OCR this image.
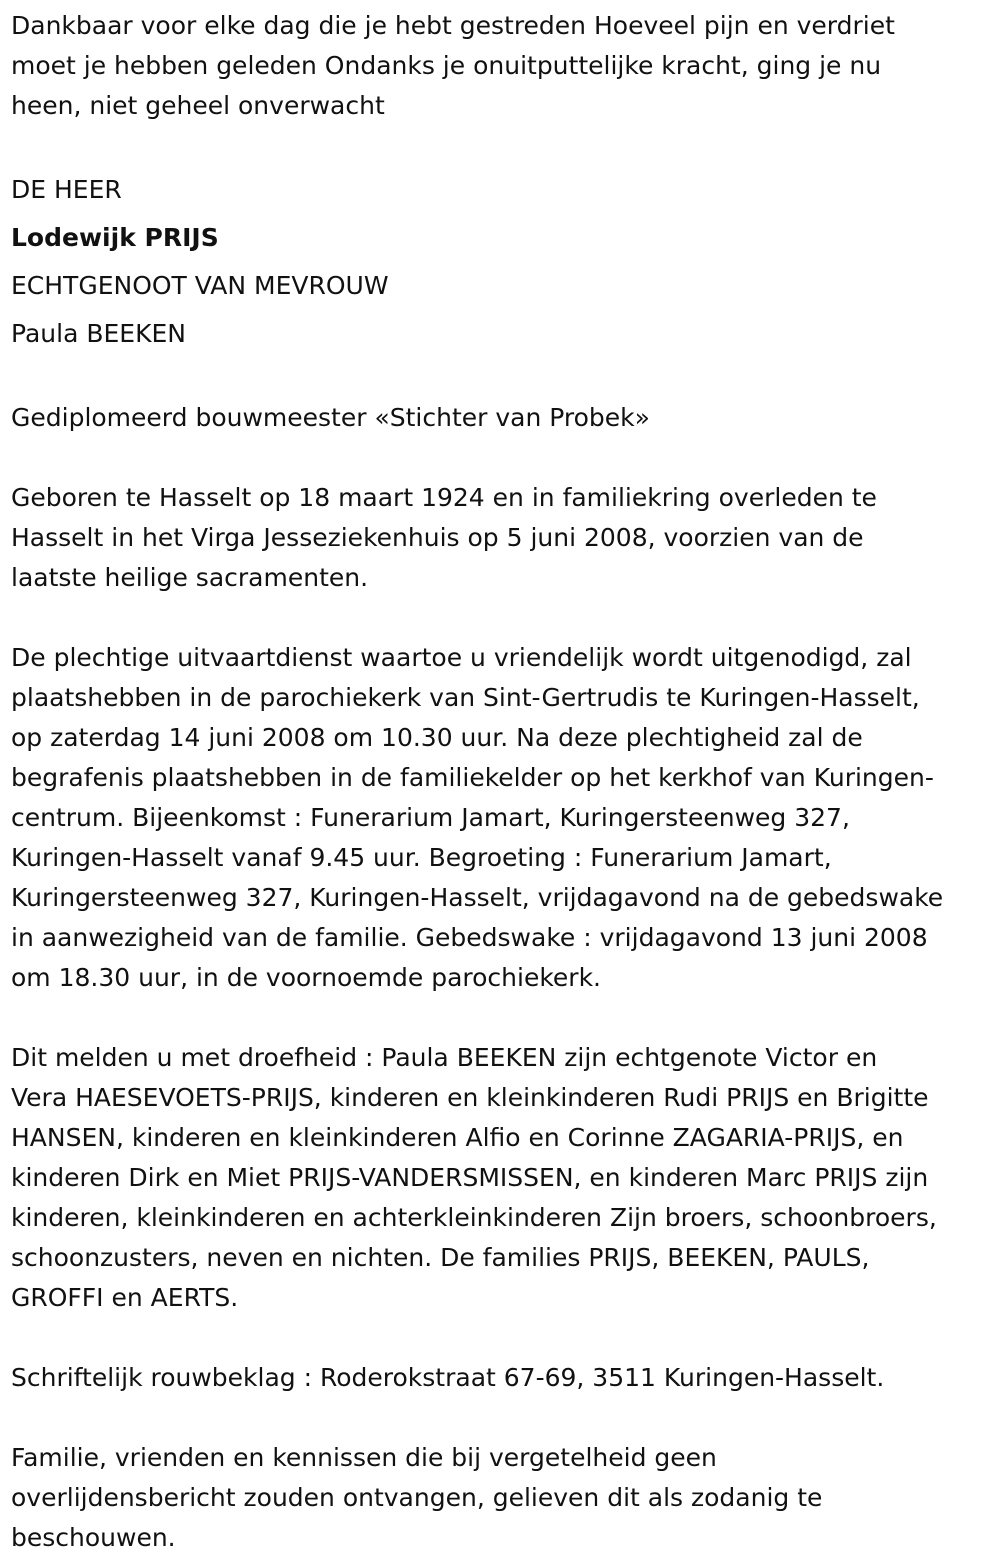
Dankbaar voor elke dag die je hebt gestreden Hoeveel pijn en verdriet

moet je hebben geleden Ondanks je onuitputtelijke kracht, ging je nu

heen, niet geheel onverwacht

DE HEER

Lodewijk PRIJS

ECHTGENOOT VAN MEVROUW

Paula BEEKEN

Gediplomeerd bouwmeester «Stichter van Probek»

Geboren te Hasselt op 18 maart 1924 en in familiekring overleden te

Hasselt in het Virga Jesseziekenhuis op 5 juni 2008, voorzien van de

laatste heilige sacramenten.

De plechtige uitvaartdienst waartoe u vriendelijk wordt uitgenodigd, zal

plaatshebben in de parochiekerk van Sint-Gertrudis te Kuringen-Hasselt,

op zaterdag 14 juni 2008 om 10.30 uur. Na deze plechtigheid zal de

begrafenis plaatshebben in de familiekelder op het kerkhof van Kuringen-

centrum. Bijeenkomst : Funerarium Jamart, Kuringersteenweg 327,

Kuringen-Hasselt vanaf 9.45 uur. Begroeting : Funerarium Jamart,

Kuringersteenweg 327, Kuringen-Hasselt, vrijdagavond na de gebedswake

in aanwezigheid van de familie. Gebedswake : vrijdagavond 13 juni 2008

om 18.30 uur, in de voornoemde parochiekerk.

Dit melden u met droefheid : Paula BEEKEN zijn echtgenote Victor en

Vera HAESEVOETS-PRIJS, kinderen en kleinkinderen Rudi PRIJS en Brigitte

HANSEN, kinderen en kleinkinderen Alfio en Corinne ZAGARIA-PRIJS, en

kinderen Dirk en Miet PRIJS-VANDERSMISSEN, en kinderen Marc PRIJS zijn

kinderen, kleinkinderen en achterkleinkinderen Zijn broers, schoonbroers,

schoonzusters, neven en nichten. De families PRIJS, BEEKEN, PAULS,

GROFFI en AERTS.

Schriftelijk rouwbeklag : Roderokstraat 67-69, 3511 Kuringen-Hasselt.

Familie, vrienden en kennissen die bij vergetelheid geen

overlijdensbericht zouden ontvangen, gelieven dit als zodanig te

beschouwen.
